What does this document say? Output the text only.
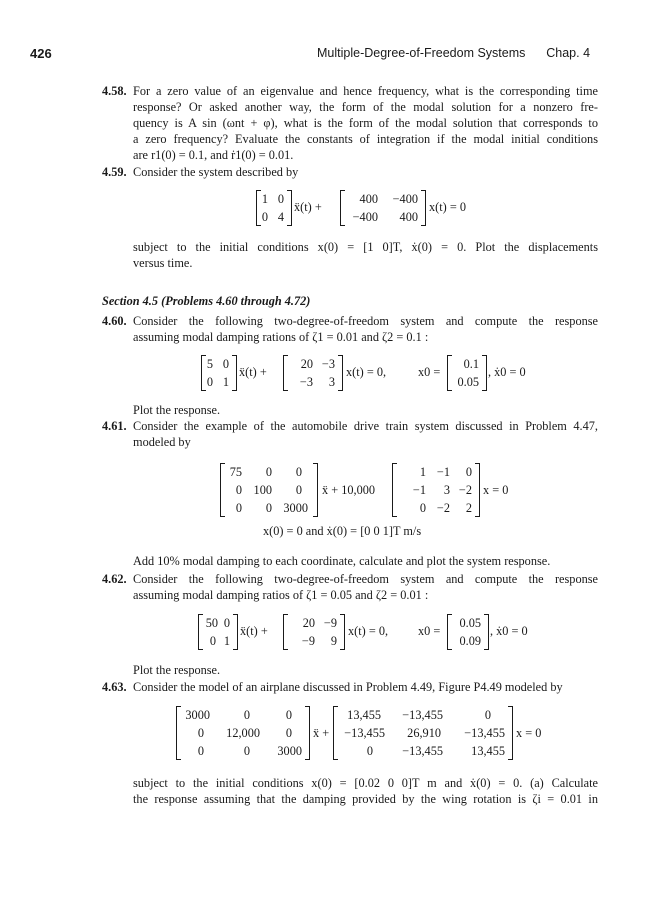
426	Multiple-Degree-of-Freedom Systems      Chap. 4
4.58. For a zero value of an eigenvalue and hence frequency, what is the corresponding time
response? Or asked another way, the form of the modal solution for a nonzero fre-
quency is A sin (ωnt + φ), what is the form of the modal solution that corresponds to
a zero frequency? Evaluate the constants of integration if the modal initial conditions
are r1(0) = 0.1, and ṙ1(0) = 0.01.
4.59. Consider the system described by
1 0
0 4
ẍ(t) +
400 −400
−400 400
x(t) = 0
subject to the initial conditions x(0) = [1 0]T, ẋ(0) = 0. Plot the displacements
versus time.
Section 4.5 (Problems 4.60 through 4.72)
4.60. Consider the following two-degree-of-freedom system and compute the response
assuming modal damping rations of ζ1 = 0.01 and ζ2 = 0.1 :
5 0
0 1
ẍ(t) +
20 −3
−3 3
x(t) = 0,	x0 =
0.1
0.05
, ẋ0 = 0
Plot the response.
4.61. Consider the example of the automobile drive train system discussed in Problem 4.47,
modeled by
75 0 0
0 100 0
0 0 3000
ẍ + 10,000
1 −1 0
−1 3 −2
0 −2 2
x = 0
x(0) = 0 and ẋ(0) = [0 0 1]T m/s
Add 10% modal damping to each coordinate, calculate and plot the system response.
4.62. Consider the following two-degree-of-freedom system and compute the response
assuming modal damping ratios of ζ1 = 0.05 and ζ2 = 0.01 :
50 0
0 1
ẍ(t) +
20 −9
−9 9
x(t) = 0, x0 =
0.05
0.09
, ẋ0 = 0
Plot the response.
4.63. Consider the model of an airplane discussed in Problem 4.49, Figure P4.49 modeled by
3000	0	0
0 12,000 0
0	0 3000
ẍ +
13,455 −13,455	0
−13,455 26,910 −13,455
0 −13,455 13,455
x = 0
subject to the initial conditions x(0) = [0.02 0 0]T m and ẋ(0) = 0. (a) Calculate
the response assuming that the damping provided by the wing rotation is ζi = 0.01 in
